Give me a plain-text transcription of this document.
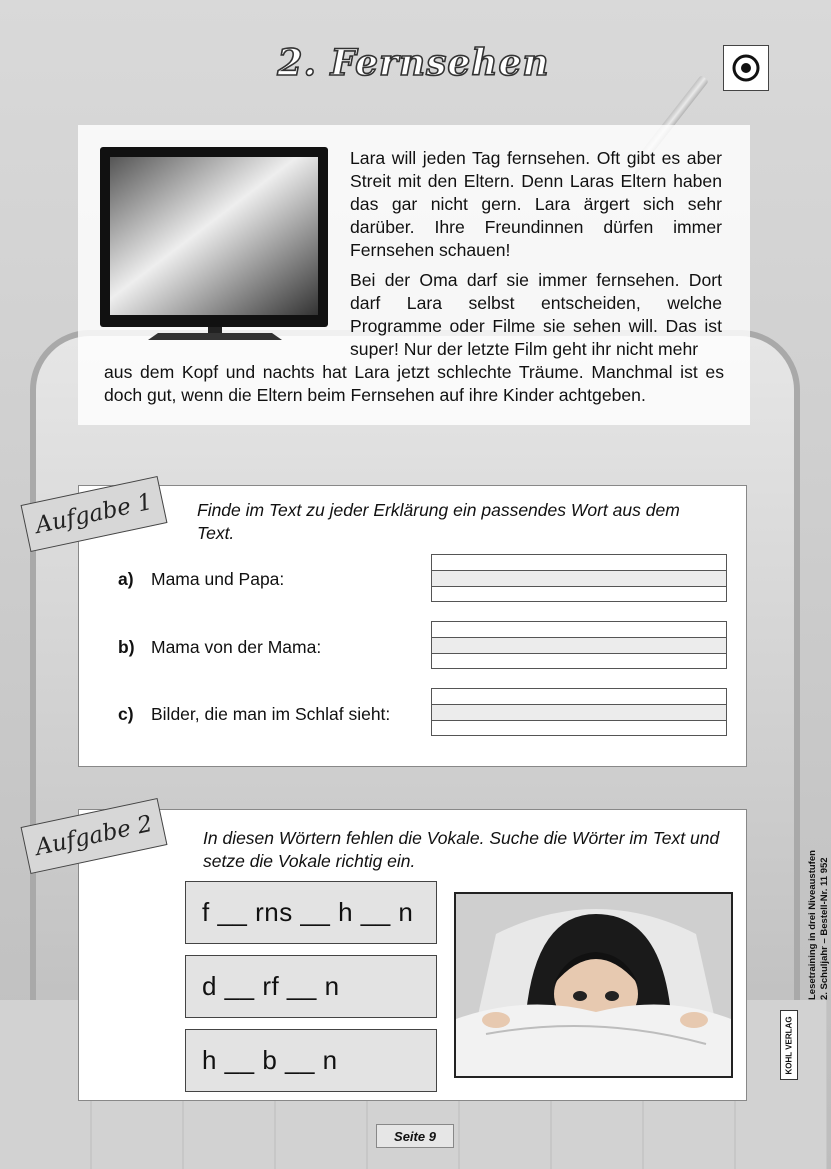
2. Fernsehen
Lara will jeden Tag fernsehen. Oft gibt es aber Streit mit den Eltern. Denn Laras Eltern haben das gar nicht gern. Lara ärgert sich sehr darüber. Ihre Freundinnen dürfen immer Fernsehen schauen!
Bei der Oma darf sie immer fernsehen. Dort darf Lara selbst entscheiden, welche Programme oder Filme sie sehen will. Das ist super! Nur der letzte Film geht ihr nicht mehr
aus dem Kopf und nachts hat Lara jetzt schlechte Träume. Manchmal ist es doch gut, wenn die Eltern beim Fernsehen auf ihre Kinder achtgeben.
Aufgabe 1	Finde im Text zu jeder Erklärung ein passendes Wort aus dem Text.
a) Mama und Papa:
b) Mama von der Mama:
c) Bilder, die man im Schlaf sieht:
Aufgabe 2	In diesen Wörtern fehlen die Vokale. Suche die Wörter im Text und setze die Vokale richtig ein.
f __ rns __ h __ n
d __ rf __ n
h __ b __ n
Seite 9
Lesetraining in drei Niveaustufen 2. Schuljahr – Bestell-Nr. 11 952
KOHL VERLAG
